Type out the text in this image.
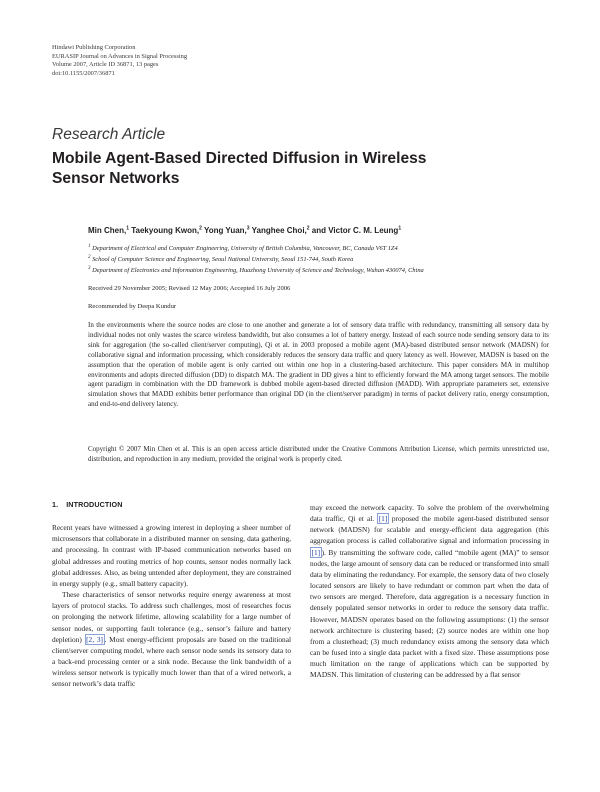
Hindawi Publishing Corporation
EURASIP Journal on Advances in Signal Processing
Volume 2007, Article ID 36871, 13 pages
doi:10.1155/2007/36871
Research Article
Mobile Agent-Based Directed Diffusion in Wireless
Sensor Networks
Min Chen,$^1$ Taekyoung Kwon,$^2$ Yong Yuan,$^3$ Yanghee Choi,$^2$ and Victor C. M. Leung$^1$
$^1$ Department of Electrical and Computer Engineering, University of British Columbia, Vancouver, BC, Canada V6T 1Z4
$^2$ School of Computer Science and Engineering, Seoul National University, Seoul 151-744, South Korea
$^3$ Department of Electronics and Information Engineering, Huazhong University of Science and Technology, Wuhan 430074, China
Received 29 November 2005; Revised 12 May 2006; Accepted 16 July 2006
Recommended by Deepa Kundur
In the environments where the source nodes are close to one another and generate a lot of sensory data traffic with redundancy, transmitting all sensory data by individual nodes not only wastes the scarce wireless bandwidth, but also consumes a lot of battery energy. Instead of each source node sending sensory data to its sink for aggregation (the so-called client/server computing), Qi et al. in 2003 proposed a mobile agent (MA)-based distributed sensor network (MADSN) for collaborative signal and information processing, which considerably reduces the sensory data traffic and query latency as well. However, MADSN is based on the assumption that the operation of mobile agent is only carried out within one hop in a clustering-based architecture. This paper considers MA in multihop environments and adopts directed diffusion (DD) to dispatch MA. The gradient in DD gives a hint to efficiently forward the MA among target sensors. The mobile agent paradigm in combination with the DD framework is dubbed mobile agent-based directed diffusion (MADD). With appropriate parameters set, extensive simulation shows that MADD exhibits better performance than original DD (in the client/server paradigm) in terms of packet delivery ratio, energy consumption, and end-to-end delivery latency.
Copyright © 2007 Min Chen et al. This is an open access article distributed under the Creative Commons Attribution License, which permits unrestricted use, distribution, and reproduction in any medium, provided the original work is properly cited.
1. INTRODUCTION

Recent years have witnessed a growing interest in deploying a sheer number of microsensors that collaborate in a distributed manner on sensing, data gathering, and processing. In contrast with IP-based communication networks based on global addresses and routing metrics of hop counts, sensor nodes normally lack global addresses. Also, as being untended after deployment, they are constrained in energy supply (e.g., small battery capacity).

These characteristics of sensor networks require energy awareness at most layers of protocol stacks. To address such challenges, most of researches focus on prolonging the network lifetime, allowing scalability for a large number of sensor nodes, or supporting fault tolerance (e.g., sensor’s failure and battery depletion) [2, 3] . Most energy-efficient proposals are based on the traditional client/server computing model, where each sensor node sends its sensory data to a back-end processing center or a sink node. Because the link bandwidth of a wireless sensor network is typically much lower than that of a wired network, a sensor network’s data traffic

may exceed the network capacity. To solve the problem of the overwhelming data traffic, Qi et al. [1] proposed the mobile agent-based distributed sensor network (MADSN) for scalable and energy-efficient data aggregation (this aggregation process is called collaborative signal and information processing in [1] ). By transmitting the software code, called “mobile agent (MA)” to sensor nodes, the large amount of sensory data can be reduced or transformed into small data by eliminating the redundancy. For example, the sensory data of two closely located sensors are likely to have redundant or common part when the data of two sensors are merged. Therefore, data aggregation is a necessary function in densely populated sensor networks in order to reduce the sensory data traffic. However, MADSN operates based on the following assumptions: (1) the sensor network architecture is clustering based; (2) source nodes are within one hop from a clusterhead; (3) much redundancy exists among the sensory data which can be fused into a single data packet with a fixed size. These assumptions pose much limitation on the range of applications which can be supported by MADSN. This limitation of clustering can be addressed by a flat sensor
